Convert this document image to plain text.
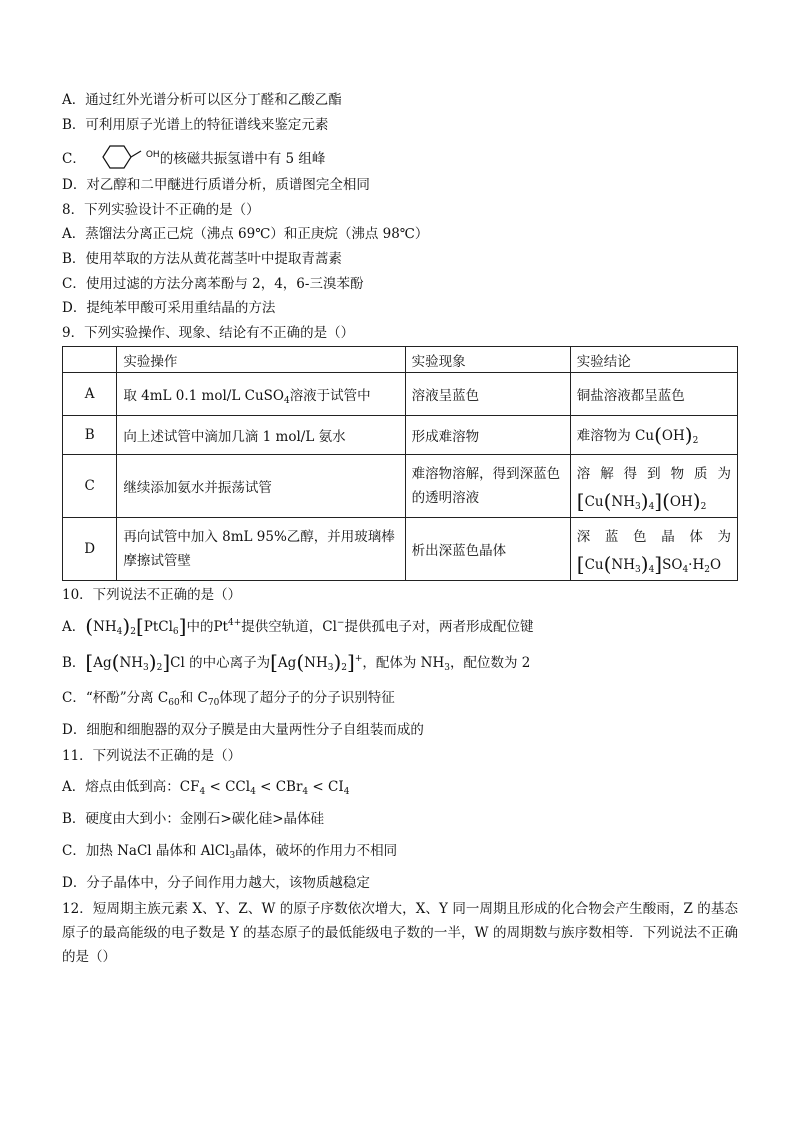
A．通过红外光谱分析可以区分丁醛和乙酸乙酯
B．可利用原子光谱上的特征谱线来鉴定元素
C．	$^{OH}$的核磁共振氢谱中有 5 组峰
D．对乙醇和二甲醚进行质谱分析，质谱图完全相同
8．下列实验设计不正确的是（）
A．蒸馏法分离正己烷（沸点 69℃）和正庚烷（沸点 98℃）
B．使用萃取的方法从黄花蒿茎叶中提取青蒿素
C．使用过滤的方法分离苯酚与 2，4，6-三溴苯酚
D．提纯苯甲酸可采用重结晶的方法
9．下列实验操作、现象、结论有不正确的是（）
	实验操作	实验现象	实验结论
A	取 4mL 0.1 mol/L CuSO$_4$溶液于试管中	溶液呈蓝色	铜盐溶液都呈蓝色
B	向上述试管中滴加几滴 1 mol/L 氨水	形成难溶物	难溶物为 $Cu(OH)_2$
C	继续添加氨水并振荡试管	难溶物溶解，得到深蓝色的透明溶液	溶解得到物质为
$[Cu(NH_3)_4](OH)_2$

D	再向试管中加入 8mL 95%乙醇，并用玻璃棒摩擦试管壁	析出深蓝色晶体	深蓝色晶体为
$[Cu(NH_3)_4]SO_4\cdot H_2O$
10．下列说法不正确的是（）
A．$(NH_4)_2[PtCl_6]$中的$Pt^{4+}$提供空轨道，Cl−提供孤电子对，两者形成配位键
B．$[Ag(NH_3)_2]Cl$ 的中心离子为$[Ag(NH_3)_2]^+$，配体为 $NH_3$，配位数为 2
C．“杯酚”分离 $C_{60}$和 $C_{70}$体现了超分子的分子识别特征
D．细胞和细胞器的双分子膜是由大量两性分子自组装而成的
11．下列说法不正确的是（）
A．熔点由低到高：$CF_4 < CCl_4 < CBr_4 < CI_4$
B．硬度由大到小：金刚石>碳化硅>晶体硅
C．加热 NaCl 晶体和 AlCl$_3$晶体，破坏的作用力不相同
D．分子晶体中，分子间作用力越大，该物质越稳定
12．短周期主族元素 X、Y、Z、W 的原子序数依次增大，X、Y 同一周期且形成的化合物会产生酸雨，Z 的基态原子的最高能级的电子数是 Y 的基态原子的最低能级电子数的一半，W 的周期数与族序数相等．下列说法不正确的是（）
